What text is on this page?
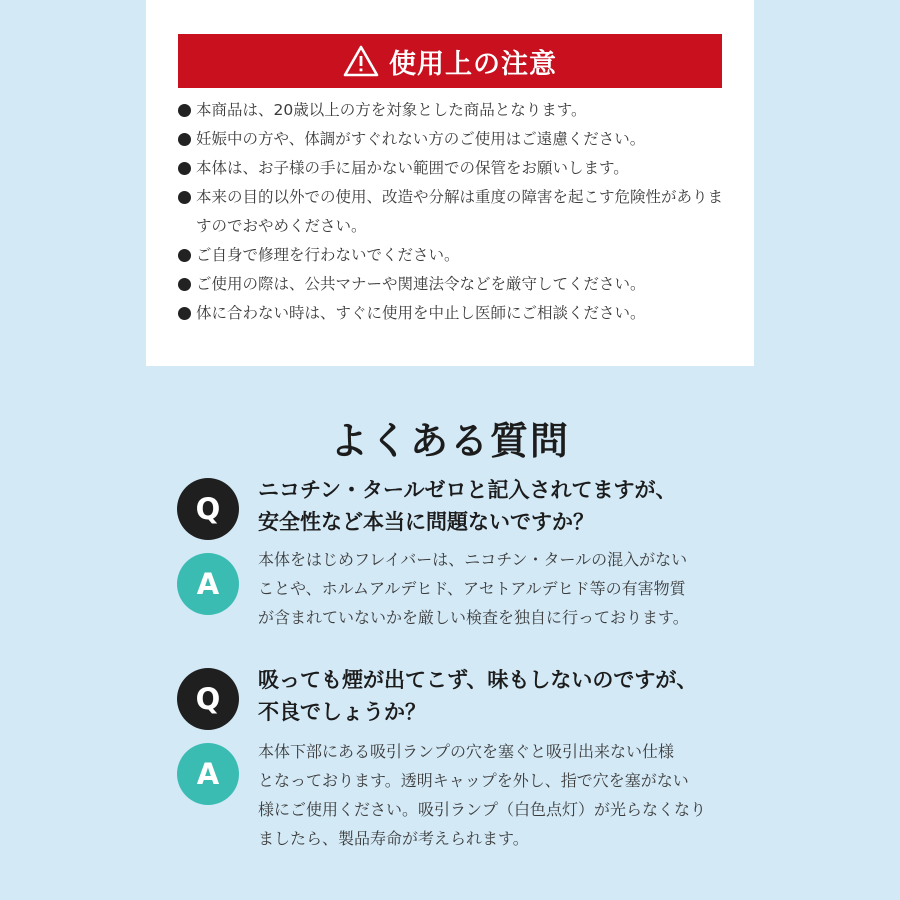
使用上の注意
本商品は、20歳以上の方を対象とした商品となります。
妊娠中の方や、体調がすぐれない方のご使用はご遠慮ください。
本体は、お子様の手に届かない範囲での保管をお願いします。
本来の目的以外での使用、改造や分解は重度の障害を起こす危険性がありますのでおやめください。
ご自身で修理を行わないでください。
ご使用の際は、公共マナーや関連法令などを厳守してください。
体に合わない時は、すぐに使用を中止し医師にご相談ください。
よくある質問
Q
ニコチン・タールゼロと記入されてますが、
安全性など本当に問題ないですか？
A
本体をはじめフレイバーは、ニコチン・タールの混入がない
ことや、ホルムアルデヒド、アセトアルデヒド等の有害物質
が含まれていないかを厳しい検査を独自に行っております。
Q
吸っても煙が出てこず、味もしないのですが、
不良でしょうか？
A
本体下部にある吸引ランプの穴を塞ぐと吸引出来ない仕様
となっております。透明キャップを外し、指で穴を塞がない
様にご使用ください。吸引ランプ（白色点灯）が光らなくなり
ましたら、製品寿命が考えられます。
